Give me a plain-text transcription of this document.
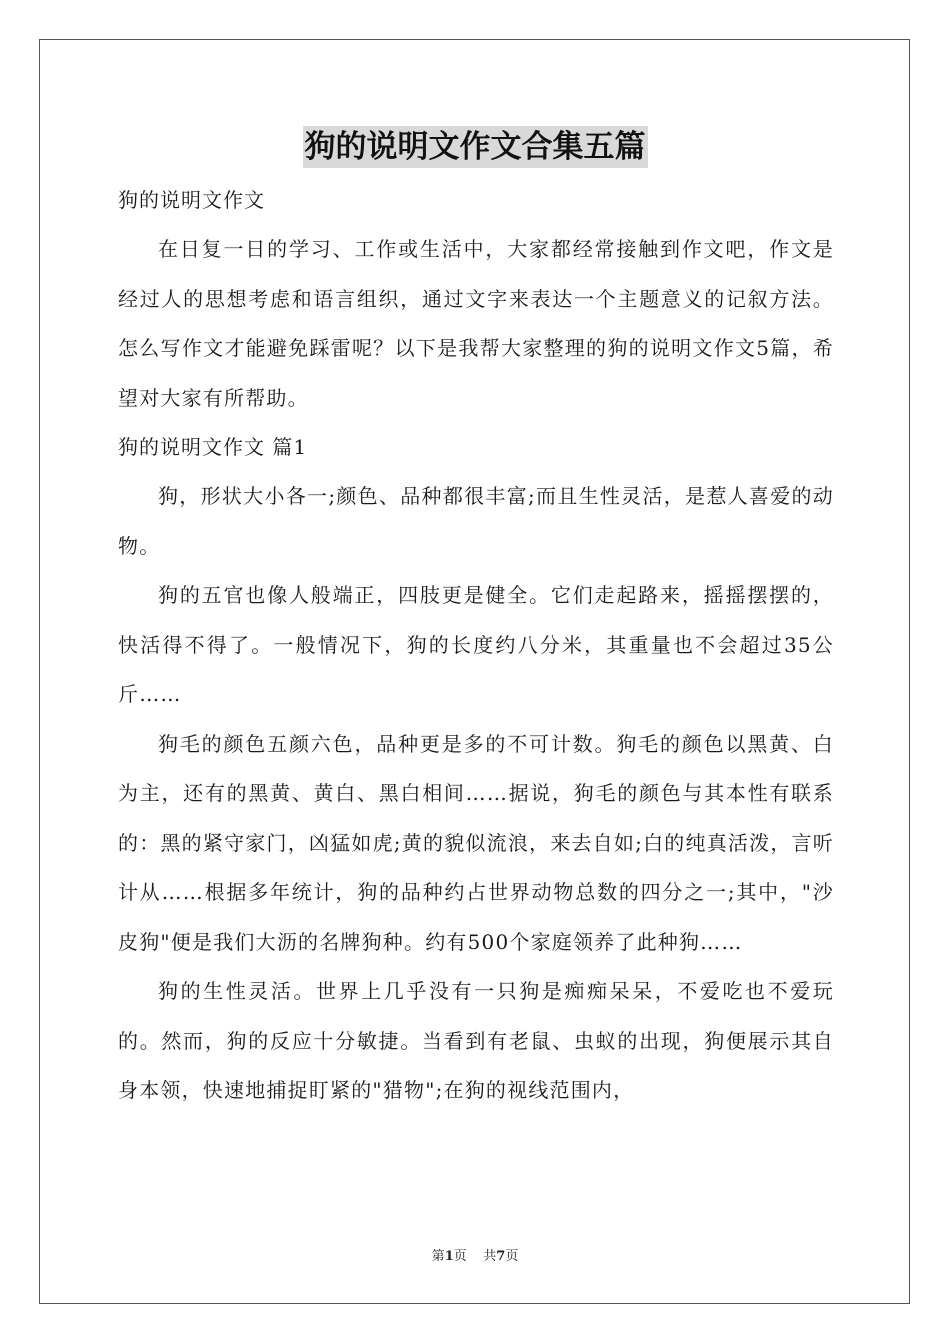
狗的说明文作文合集五篇

狗的说明文作文

在日复一日的学习、工作或生活中，大家都经常接触到作文吧，作文是经过人的思想考虑和语言组织，通过文字来表达一个主题意义的记叙方法。怎么写作文才能避免踩雷呢？以下是我帮大家整理的狗的说明文作文5篇，希望对大家有所帮助。

狗的说明文作文 篇1

狗，形状大小各一;颜色、品种都很丰富;而且生性灵活，是惹人喜爱的动物。

狗的五官也像人般端正，四肢更是健全。它们走起路来，摇摇摆摆的，快活得不得了。一般情况下，狗的长度约八分米，其重量也不会超过35公斤……

狗毛的颜色五颜六色，品种更是多的不可计数。狗毛的颜色以黑黄、白为主，还有的黑黄、黄白、黑白相间……据说，狗毛的颜色与其本性有联系的：黑的紧守家门，凶猛如虎;黄的貌似流浪，来去自如;白的纯真活泼，言听计从……根据多年统计，狗的品种约占世界动物总数的四分之一;其中，"沙皮狗"便是我们大沥的名牌狗种。约有500个家庭领养了此种狗……

狗的生性灵活。世界上几乎没有一只狗是痴痴呆呆，不爱吃也不爱玩的。然而，狗的反应十分敏捷。当看到有老鼠、虫蚁的出现，狗便展示其自身本领，快速地捕捉盯紧的"猎物";在狗的视线范围内，

第1页    共7页
